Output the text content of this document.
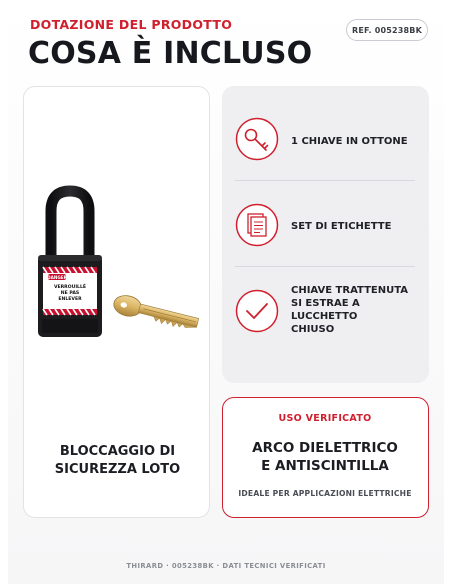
DOTAZIONE DEL PRODOTTO
COSA È INCLUSO
REF. 005238BK
DANGER
VERROUILLÉ
NE PAS
ENLEVER
BLOCCAGGIO DI
SICUREZZA LOTO
1 CHIAVE IN OTTONE
SET DI ETICHETTE
CHIAVE TRATTENUTA
SI ESTRAE A LUCCHETTO
CHIUSO
USO VERIFICATO
ARCO DIELETTRICO
E ANTISCINTILLA
IDEALE PER APPLICAZIONI ELETTRICHE
THIRARD · 005238BK · DATI TECNICI VERIFICATI
